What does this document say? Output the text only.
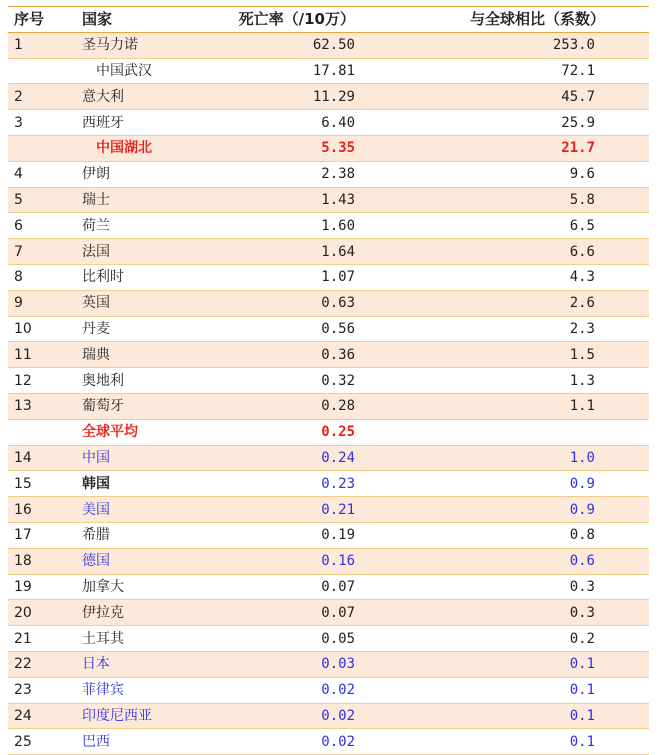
序号	国家	死亡率（/10万）	与全球相比（系数）
1	圣马力诺	62.50	253.0
	中国武汉	17.81	72.1
2	意大利	11.29	45.7
3	西班牙	6.40	25.9
	中国湖北	5.35	21.7
4	伊朗	2.38	9.6
5	瑞士	1.43	5.8
6	荷兰	1.60	6.5
7	法国	1.64	6.6
8	比利时	1.07	4.3
9	英国	0.63	2.6
10	丹麦	0.56	2.3
11	瑞典	0.36	1.5
12	奥地利	0.32	1.3
13	葡萄牙	0.28	1.1
	全球平均	0.25	
14	中国	0.24	1.0
15	韩国	0.23	0.9
16	美国	0.21	0.9
17	希腊	0.19	0.8
18	德国	0.16	0.6
19	加拿大	0.07	0.3
20	伊拉克	0.07	0.3
21	土耳其	0.05	0.2
22	日本	0.03	0.1
23	菲律宾	0.02	0.1
24	印度尼西亚	0.02	0.1
25	巴西	0.02	0.1
